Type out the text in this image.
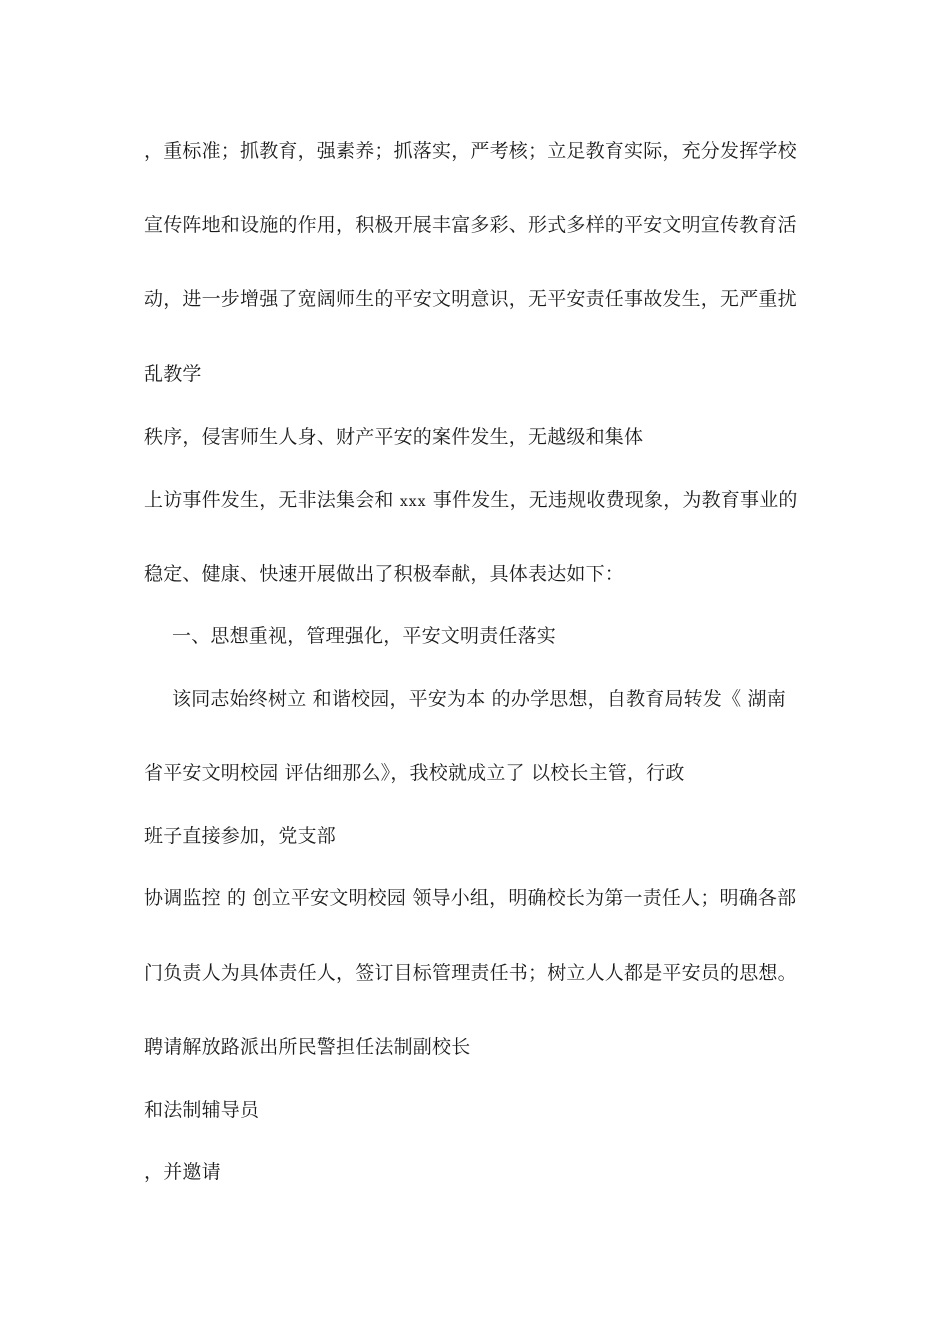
，重标准；抓教育，强素养；抓落实，严考核；立足教育实际，充分发挥学校
宣传阵地和设施的作用，积极开展丰富多彩、形式多样的平安文明宣传教育活
动，进一步增强了宽阔师生的平安文明意识，无平安责任事故发生，无严重扰
乱教学
秩序，侵害师生人身、财产平安的案件发生，无越级和集体
上访事件发生，无非法集会和 xxx 事件发生，无违规收费现象，为教育事业的
稳定、健康、快速开展做出了积极奉献，具体表达如下：
一、思想重视，管理强化，平安文明责任落实
该同志始终树立 和谐校园，平安为本 的办学思想，自教育局转发《 湖南
省平安文明校园 评估细那么》，我校就成立了 以校长主管，行政
班子直接参加，党支部
协调监控 的 创立平安文明校园 领导小组，明确校长为第一责任人；明确各部
门负责人为具体责任人，签订目标管理责任书；树立人人都是平安员的思想。
聘请解放路派出所民警担任法制副校长
和法制辅导员
，并邀请
